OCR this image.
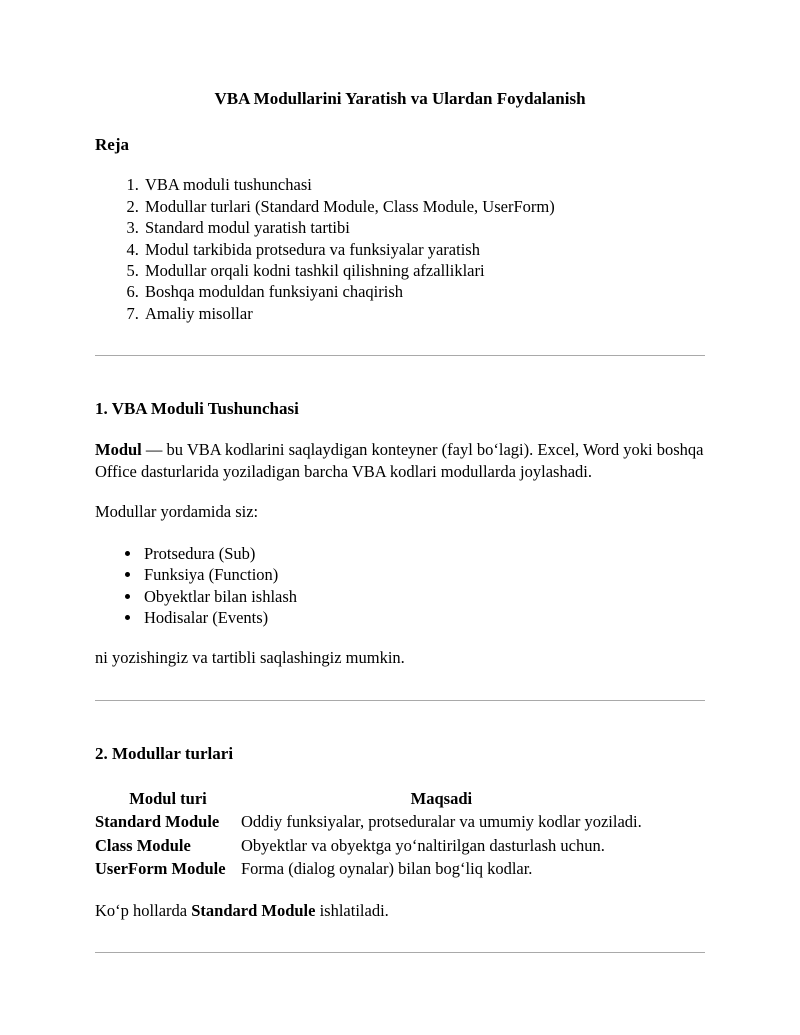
VBA Modullarini Yaratish va Ulardan Foydalanish
Reja
1. VBA moduli tushunchasi
2. Modullar turlari (Standard Module, Class Module, UserForm)
3. Standard modul yaratish tartibi
4. Modul tarkibida protsedura va funksiyalar yaratish
5. Modullar orqali kodni tashkil qilishning afzalliklari
6. Boshqa moduldan funksiyani chaqirish
7. Amaliy misollar
1. VBA Moduli Tushunchasi

Modul — bu VBA kodlarini saqlaydigan konteyner (fayl boʻlagi). Excel, Word yoki boshqa Office dasturlarida yoziladigan barcha VBA kodlari modullarda joylashadi.

Modullar yordamida siz:

• Protsedura (Sub)
• Funksiya (Function)
• Obyektlar bilan ishlash
• Hodisalar (Events)

ni yozishingiz va tartibli saqlashingiz mumkin.

2. Modullar turlari
Modul turi	Maqsadi
Standard Module	Oddiy funksiyalar, protseduralar va umumiy kodlar yoziladi.
Class Module	Obyektlar va obyektga yoʻnaltirilgan dasturlash uchun.
UserForm Module	Forma (dialog oynalar) bilan bogʻliq kodlar.

Koʻp hollarda Standard Module ishlatiladi.
